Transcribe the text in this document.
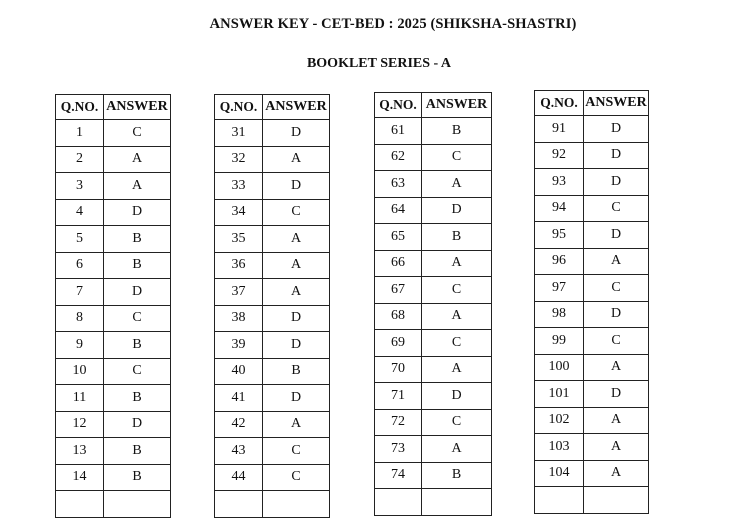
ANSWER KEY - CET-BED : 2025 (SHIKSHA-SHASTRI)
BOOKLET SERIES - A
Q.NO.	ANSWER
1	C
2	A
3	A
4	D
5	B
6	B
7	D
8	C
9	B
10	C
11	B
12	D
13	B
14	B

Q.NO.	ANSWER
31	D
32	A
33	D
34	C
35	A
36	A
37	A
38	D
39	D
40	B
41	D
42	A
43	C
44	C

Q.NO.	ANSWER
61	B
62	C
63	A
64	D
65	B
66	A
67	C
68	A
69	C
70	A
71	D
72	C
73	A
74	B

Q.NO.	ANSWER
91	D
92	D
93	D
94	C
95	D
96	A
97	C
98	D
99	C
100	A
101	D
102	A
103	A
104	A
